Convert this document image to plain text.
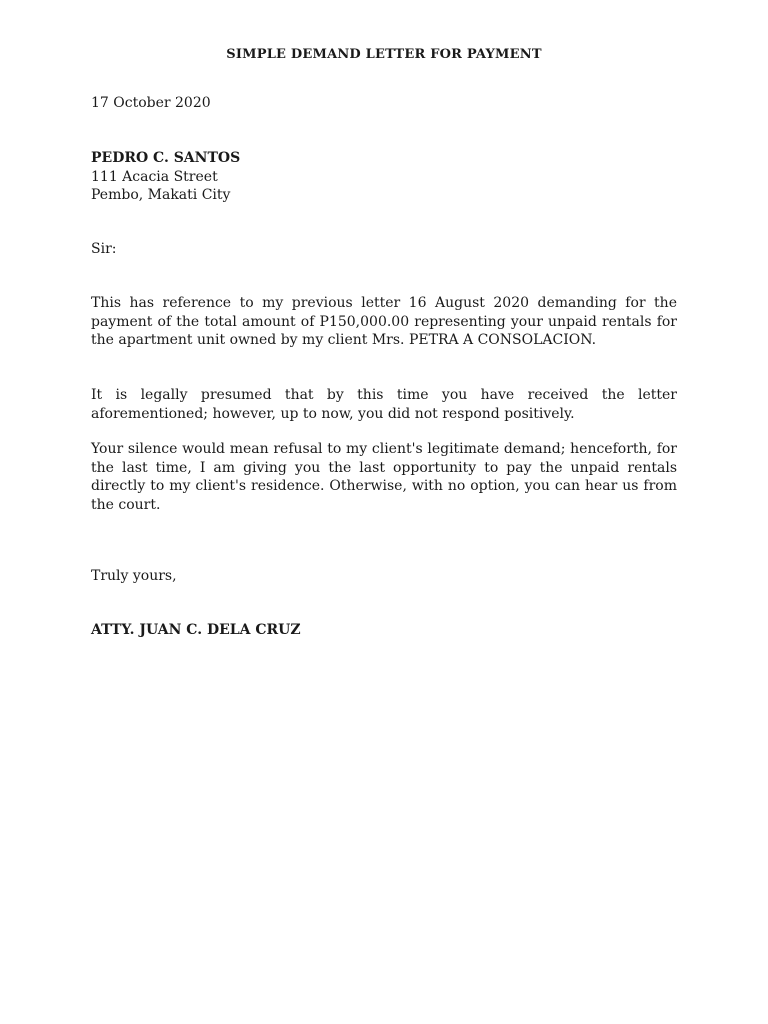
SIMPLE DEMAND LETTER FOR PAYMENT
17 October 2020
PEDRO C. SANTOS
111 Acacia Street
Pembo, Makati City
Sir:
This has reference to my previous letter 16 August 2020 demanding for the payment of the total amount of P150,000.00 representing your unpaid rentals for the apartment unit owned by my client Mrs. PETRA A CONSOLACION.
It is legally presumed that by this time you have received the letter aforementioned; however, up to now, you did not respond positively.
Your silence would mean refusal to my client's legitimate demand; henceforth, for the last time, I am giving you the last opportunity to pay the unpaid rentals directly to my client's residence. Otherwise, with no option, you can hear us from the court.
Truly yours,
ATTY. JUAN C. DELA CRUZ
